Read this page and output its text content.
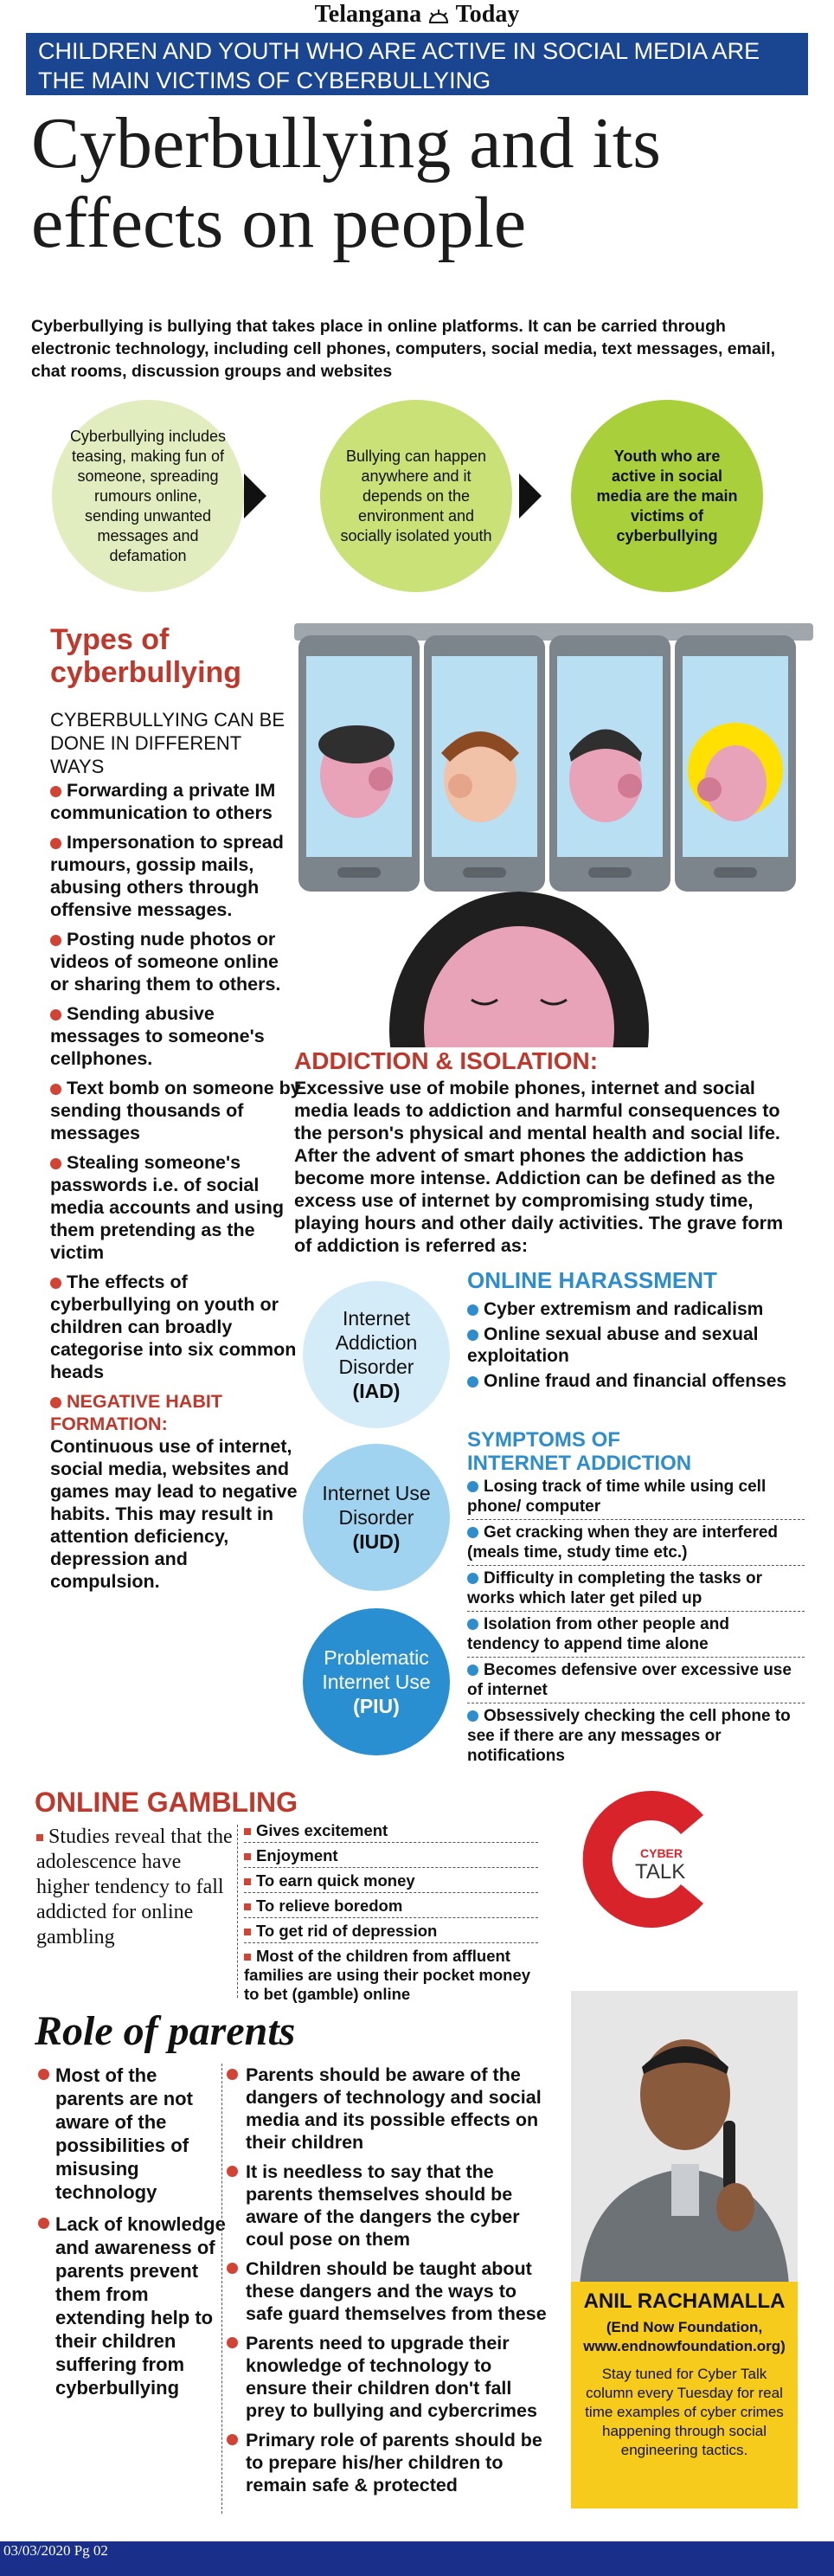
Telangana Today
CHILDREN AND YOUTH WHO ARE ACTIVE IN SOCIAL MEDIA ARE THE MAIN VICTIMS OF CYBERBULLYING
Cyberbullying and its
effects on people
Cyberbullying is bullying that takes place in online platforms. It can be carried through electronic technology, including cell phones, computers, social media, text messages, email, chat rooms, discussion groups and websites
Cyberbullying includes teasing, making fun of someone, spreading rumours online, sending unwanted messages and defamation
Bullying can happen anywhere and it depends on the environment and socially isolated youth
Youth who are active in social media are the main victims of cyberbullying
Types of
cyberbullying
CYBERBULLYING CAN BE DONE IN DIFFERENT WAYS

Forwarding a private IM communication to others

Impersonation to spread rumours, gossip mails, abusing others through offensive messages.

Posting nude photos or videos of someone online or sharing them to others.

Sending abusive messages to someone's cellphones.

Text bomb on someone by sending thousands of messages

Stealing someone's passwords i.e. of social media accounts and using them pretending as the victim

The effects of cyberbullying on youth or children can broadly categorise into six common heads

NEGATIVE HABIT FORMATION:
Continuous use of internet, social media, websites and games may lead to negative habits. This may result in attention deficiency, depression and compulsion.

ADDICTION & ISOLATION:
Excessive use of mobile phones, internet and social media leads to addiction and harmful consequences to the person's physical and mental health and social life. After the advent of smart phones the addiction has become more intense. Addiction can be defined as the excess use of internet by compromising study time, playing hours and other daily activities. The grave form of addiction is referred as:
Internet Addiction Disorder
(IAD)
Internet Use Disorder
(IUD)
Problematic Internet Use
(PIU)
ONLINE HARASSMENT

Cyber extremism and radicalism

Online sexual abuse and sexual exploitation

Online fraud and financial offenses

SYMPTOMS OF
INTERNET ADDICTION

Losing track of time while using cell phone/ computer

Get cracking when they are interfered (meals time, study time etc.)

Difficulty in completing the tasks or works which later get piled up

Isolation from other people and tendency to append time alone

Becomes defensive over excessive use of internet

Obsessively checking the cell phone to see if there are any messages or notifications

ONLINE GAMBLING
Studies reveal that the adolescence have higher tendency to fall addicted for online gambling

Gives excitement

Enjoyment

To earn quick money

To relieve boredom

To get rid of depression

Most of the children from affluent families are using their pocket money to bet (gamble) online

CYBER
TALK
Role of parents

Most of the parents are not aware of the possibilities of misusing technology

Lack of knowledge and awareness of parents prevent them from extending help to their children suffering from cyberbullying

Parents should be aware of the dangers of technology and social media and its possible effects on their children

It is needless to say that the parents themselves should be aware of the dangers the cyber coul pose on them

Children should be taught about these dangers and the ways to safe guard themselves from these

Parents need to upgrade their knowledge of technology to ensure their children don't fall prey to bullying and cybercrimes

Primary role of parents should be to prepare his/her children to remain safe & protected

ANIL RACHAMALLA
(End Now Foundation, www.endnowfoundation.org)
Stay tuned for Cyber Talk column every Tuesday for real time examples of cyber crimes happening through social engineering tactics.
03/03/2020 Pg 02
